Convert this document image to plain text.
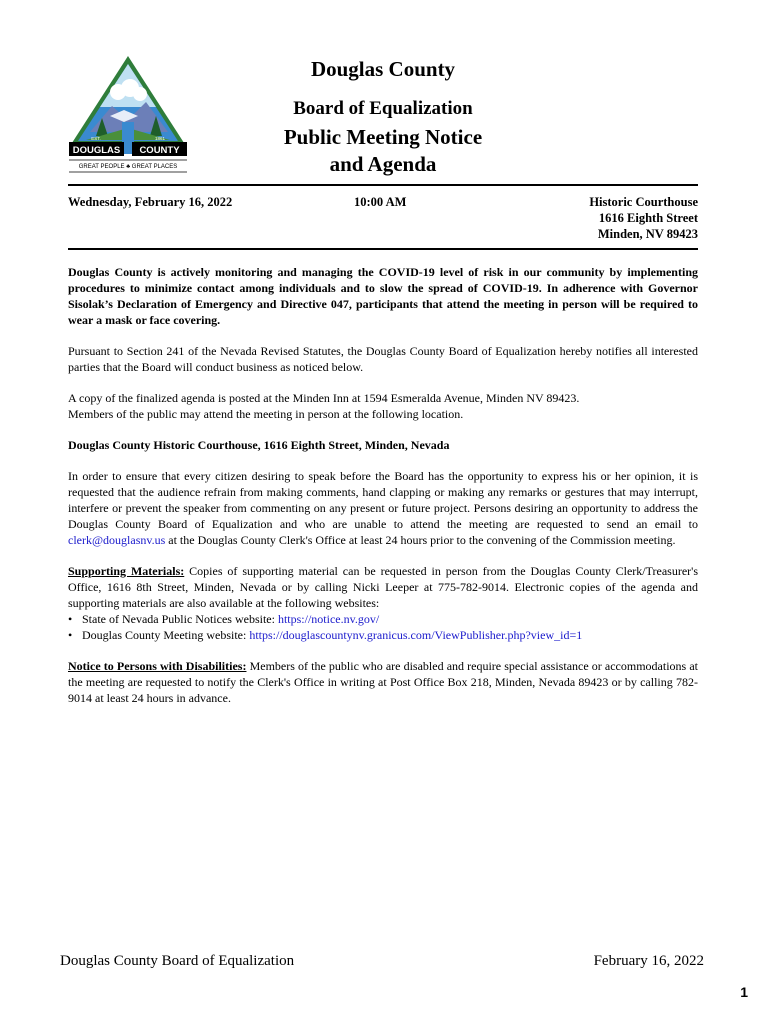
DOUGLAS COUNTY
EST.	1861
GREAT PEOPLE ♣ GREAT PLACES
Douglas County
Board of Equalization
Public Meeting Notice
and Agenda
Wednesday, February 16, 2022	10:00 AM	Historic Courthouse
1616 Eighth Street
Minden, NV 89423

Douglas County is actively monitoring and managing the COVID-19 level of risk in our community by implementing procedures to minimize contact among individuals and to slow the spread of COVID-19. In adherence with Governor Sisolak’s Declaration of Emergency and Directive 047, participants that attend the meeting in person will be required to wear a mask or face covering.

Pursuant to Section 241 of the Nevada Revised Statutes, the Douglas County Board of Equalization hereby notifies all interested parties that the Board will conduct business as noticed below.

A copy of the finalized agenda is posted at the Minden Inn at 1594 Esmeralda Avenue, Minden NV 89423.
Members of the public may attend the meeting in person at the following location.

Douglas County Historic Courthouse, 1616 Eighth Street, Minden, Nevada

In order to ensure that every citizen desiring to speak before the Board has the opportunity to express his or her opinion, it is requested that the audience refrain from making comments, hand clapping or making any remarks or gestures that may interrupt, interfere or prevent the speaker from commenting on any present or future project. Persons desiring an opportunity to address the Douglas County Board of Equalization and who are unable to attend the meeting are requested to send an email to clerk@douglasnv.us at the Douglas County Clerk's Office at least 24 hours prior to the convening of the Commission meeting.

Supporting Materials: Copies of supporting material can be requested in person from the Douglas County Clerk/Treasurer's Office, 1616 8th Street, Minden, Nevada or by calling Nicki Leeper at 775-782-9014. Electronic copies of the agenda and supporting materials are also available at the following websites:
• State of Nevada Public Notices website: https://notice.nv.gov/
• Douglas County Meeting website: https://douglascountynv.granicus.com/ViewPublisher.php?view_id=1

Notice to Persons with Disabilities: Members of the public who are disabled and require special assistance or accommodations at the meeting are requested to notify the Clerk's Office in writing at Post Office Box 218, Minden, Nevada 89423 or by calling 782-9014 at least 24 hours in advance.

Douglas County Board of Equalization	February 16, 2022
1
